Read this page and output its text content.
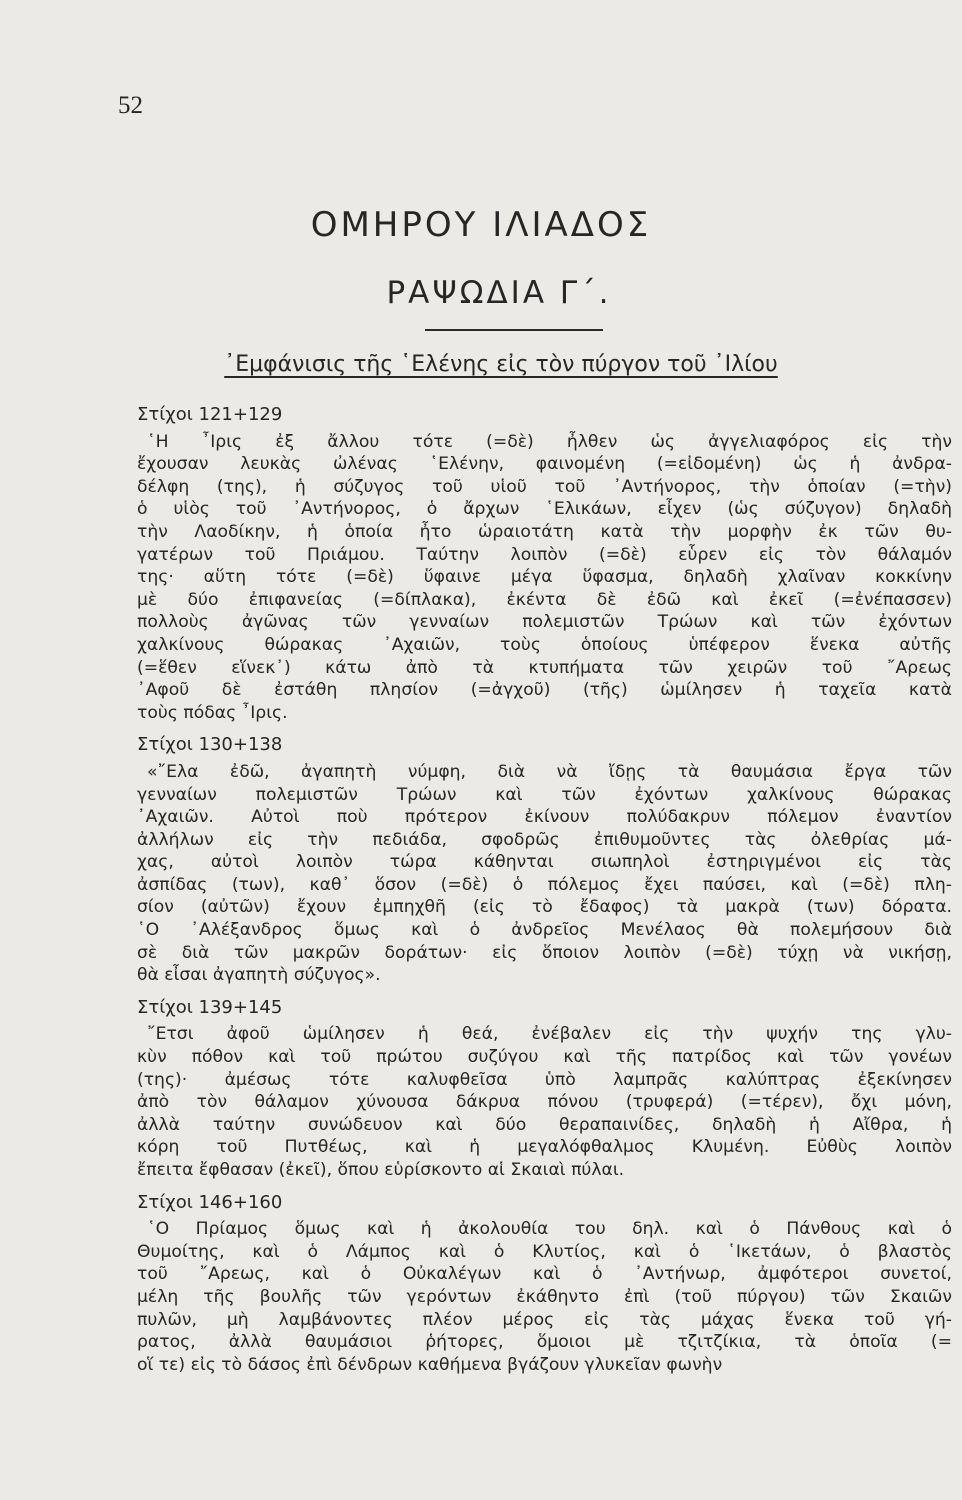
52
ΟΜΗΡΟΥ ΙΛΙΑΔΟΣ
ΡΑΨΩΔΙΑ Γ΄.
᾿Εμφάνισις τῆς ῾Ελένης εἰς τὸν πύργον τοῦ ᾿Ιλίου
Στίχοι 121+129
῾Η ῏Ιρις ἐξ ἄλλου τότε (=δὲ) ἦλθεν ὡς ἀγγελιαφόρος εἰς τὴν
ἔχουσαν λευκὰς ὠλένας ῾Ελένην, φαινομένη (=εἰδομένη) ὡς ἡ ἀνδρα-
δέλφη (της), ἡ σύζυγος τοῦ υἱοῦ τοῦ ᾿Αντήνορος, τὴν ὁποίαν (=τὴν)
ὁ υἱὸς τοῦ ᾿Αντήνορος, ὁ ἄρχων ῾Ελικάων, εἶχεν (ὡς σύζυγον) δηλαδὴ
τὴν Λαοδίκην, ἡ ὁποία ἦτο ὡραιοτάτη κατὰ τὴν μορφὴν ἐκ τῶν θυ-
γατέρων τοῦ Πριάμου. Ταύτην λοιπὸν (=δὲ) εὗρεν εἰς τὸν θάλαμόν
της· αὕτη τότε (=δὲ) ὕφαινε μέγα ὕφασμα, δηλαδὴ χλαῖναν κοκκίνην
μὲ δύο ἐπιφανείας (=δίπλακα), ἐκέντα δὲ ἐδῶ καὶ ἐκεῖ (=ἐνέπασσεν)
πολλοὺς ἀγῶνας τῶν γενναίων πολεμιστῶν Τρώων καὶ τῶν ἐχόντων
χαλκίνους θώρακας ᾿Αχαιῶν, τοὺς ὁποίους ὑπέφερον ἕνεκα αὐτῆς
(=ἕθεν εἵνεκ᾿) κάτω ἀπὸ τὰ κτυπήματα τῶν χειρῶν τοῦ ῎Αρεως
᾿Αφοῦ δὲ ἐστάθη πλησίον (=ἀγχοῦ) (τῆς) ὡμίλησεν ἡ ταχεῖα κατὰ
τοὺς πόδας ῏Ιρις.
Στίχοι 130+138
«῎Ελα ἐδῶ, ἀγαπητὴ νύμφη, διὰ νὰ ἴδῃς τὰ θαυμάσια ἔργα τῶν
γενναίων πολεμιστῶν Τρώων καὶ τῶν ἐχόντων χαλκίνους θώρακας
᾿Αχαιῶν. Αὐτοὶ ποὺ πρότερον ἐκίνουν πολύδακρυν πόλεμον ἐναντίον
ἀλλήλων εἰς τὴν πεδιάδα, σφοδρῶς ἐπιθυμοῦντες τὰς ὀλεθρίας μά-
χας, αὐτοὶ λοιπὸν τώρα κάθηνται σιωπηλοὶ ἐστηριγμένοι εἰς τὰς
ἀσπίδας (των), καθ᾿ ὅσον (=δὲ) ὁ πόλεμος ἔχει παύσει, καὶ (=δὲ) πλη-
σίον (αὐτῶν) ἔχουν ἐμπηχθῆ (εἰς τὸ ἔδαφος) τὰ μακρὰ (των) δόρατα.
῾Ο ᾿Αλέξανδρος ὅμως καὶ ὁ ἀνδρεῖος Μενέλαος θὰ πολεμήσουν διὰ
σὲ διὰ τῶν μακρῶν δοράτων· εἰς ὅποιον λοιπὸν (=δὲ) τύχῃ νὰ νικήσῃ,
θὰ εἶσαι ἀγαπητὴ σύζυγος».
Στίχοι 139+145
῎Ετσι ἀφοῦ ὡμίλησεν ἡ θεά, ἐνέβαλεν εἰς τὴν ψυχήν της γλυ-
κὺν πόθον καὶ τοῦ πρώτου συζύγου καὶ τῆς πατρίδος καὶ τῶν γονέων
(της)· ἀμέσως τότε καλυφθεῖσα ὑπὸ λαμπρᾶς καλύπτρας ἐξεκίνησεν
ἀπὸ τὸν θάλαμον χύνουσα δάκρυα πόνου (τρυφερά) (=τέρεν), ὄχι μόνη,
ἀλλὰ ταύτην συνώδευον καὶ δύο θεραπαινίδες, δηλαδὴ ἡ Αἴθρα, ἡ
κόρη τοῦ Πυτθέως, καὶ ἡ μεγαλόφθαλμος Κλυμένη. Εὐθὺς λοιπὸν
ἔπειτα ἔφθασαν (ἐκεῖ), ὅπου εὑρίσκοντο αἱ Σκαιαὶ πύλαι.
Στίχοι 146+160
῾Ο Πρίαμος ὅμως καὶ ἡ ἀκολουθία του δηλ. καὶ ὁ Πάνθους καὶ ὁ
Θυμοίτης, καὶ ὁ Λάμπος καὶ ὁ Κλυτίος, καὶ ὁ ῾Ικετάων, ὁ βλαστὸς
τοῦ ῎Αρεως, καὶ ὁ Οὐκαλέγων καὶ ὁ ᾿Αντήνωρ, ἀμφότεροι συνετοί,
μέλη τῆς βουλῆς τῶν γερόντων ἐκάθηντο ἐπὶ (τοῦ πύργου) τῶν Σκαιῶν
πυλῶν, μὴ λαμβάνοντες πλέον μέρος εἰς τὰς μάχας ἕνεκα τοῦ γή-
ρατος, ἀλλὰ θαυμάσιοι ῥήτορες, ὅμοιοι μὲ τζιτζίκια, τὰ ὁποῖα (=
οἵ τε) εἰς τὸ δάσος ἐπὶ δένδρων καθήμενα βγάζουν γλυκεῖαν φωνὴν
